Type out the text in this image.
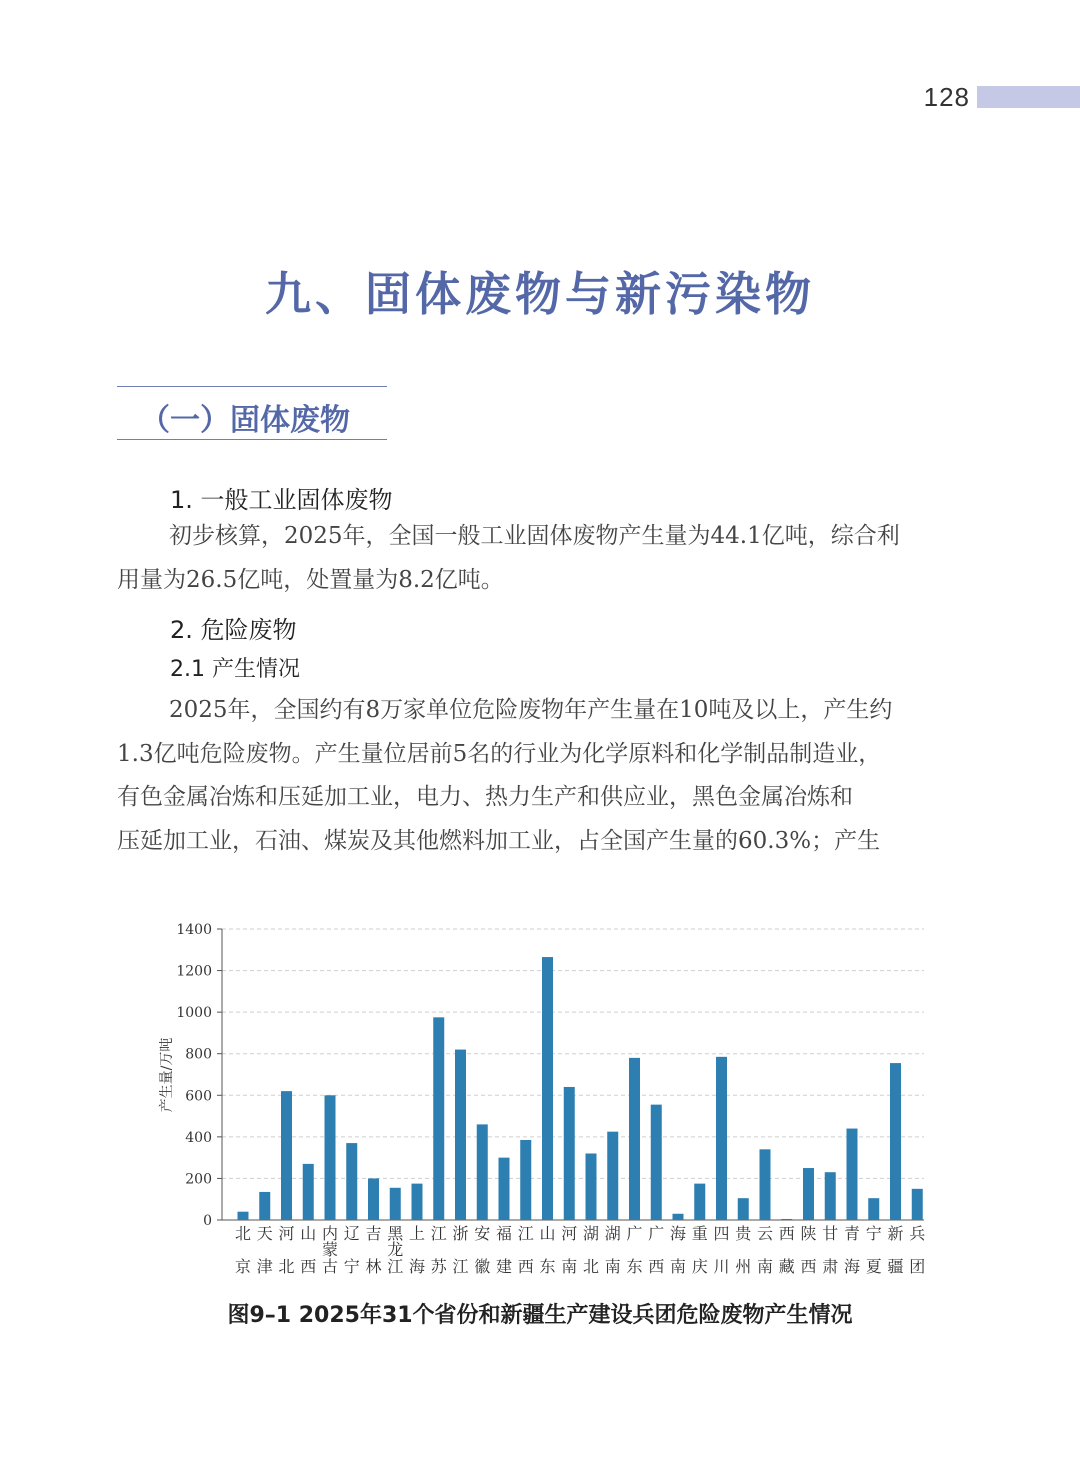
128
九、固体废物与新污染物
（一）固体废物
1. 一般工业固体废物
初步核算，2025年，全国一般工业固体废物产生量为44.1亿吨，综合利
用量为26.5亿吨，处置量为8.2亿吨。
2. 危险废物
2.1 产生情况
2025年，全国约有8万家单位危险废物年产生量在10吨及以上，产生约
1.3亿吨危险废物。产生量位居前5名的行业为化学原料和化学制品制造业，
有色金属冶炼和压延加工业，电力、热力生产和供应业，黑色金属冶炼和
压延加工业，石油、煤炭及其他燃料加工业，占全国产生量的60.3%；产生
0
200
400
600
800
1000
1200
1400
北
京
天
津
河
北
山
西
内
蒙
古
辽
宁
吉
林
黑
龙
江
上
海
江
苏
浙
江
安
徽
福
建
江
西
山
东
河
南
湖
北
湖
南
广
东
广
西
海
南
重
庆
四
川
贵
州
云
南
西
藏
陕
西
甘
肃
青
海
宁
夏
新
疆
兵
团
产生量/万吨
图9–1 2025年31个省份和新疆生产建设兵团危险废物产生情况
